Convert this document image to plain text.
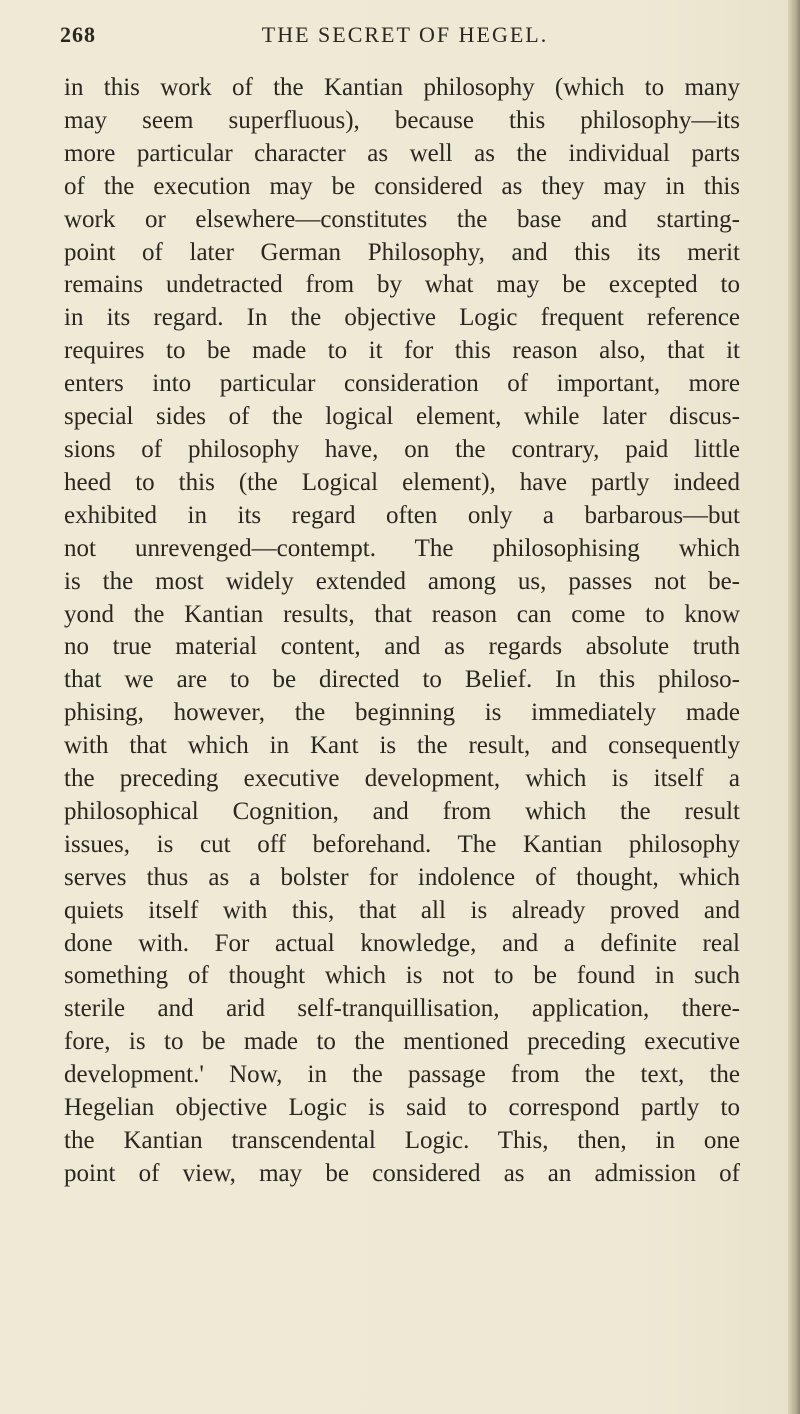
268	THE SECRET OF HEGEL.
in this work of the Kantian philosophy (which to many
may seem superfluous), because this philosophy—its
more particular character as well as the individual parts
of the execution may be considered as they may in this
work or elsewhere—constitutes the base and starting-
point of later German Philosophy, and this its merit
remains undetracted from by what may be excepted to
in its regard. In the objective Logic frequent reference
requires to be made to it for this reason also, that it
enters into particular consideration of important, more
special sides of the logical element, while later discus-
sions of philosophy have, on the contrary, paid little
heed to this (the Logical element), have partly indeed
exhibited in its regard often only a barbarous—but
not unrevenged—contempt. The philosophising which
is the most widely extended among us, passes not be-
yond the Kantian results, that reason can come to know
no true material content, and as regards absolute truth
that we are to be directed to Belief. In this philoso-
phising, however, the beginning is immediately made
with that which in Kant is the result, and consequently
the preceding executive development, which is itself a
philosophical Cognition, and from which the result
issues, is cut off beforehand. The Kantian philosophy
serves thus as a bolster for indolence of thought, which
quiets itself with this, that all is already proved and
done with. For actual knowledge, and a definite real
something of thought which is not to be found in such
sterile and arid self-tranquillisation, application, there-
fore, is to be made to the mentioned preceding executive
development.' Now, in the passage from the text, the
Hegelian objective Logic is said to correspond partly to
the Kantian transcendental Logic. This, then, in one
point of view, may be considered as an admission of
